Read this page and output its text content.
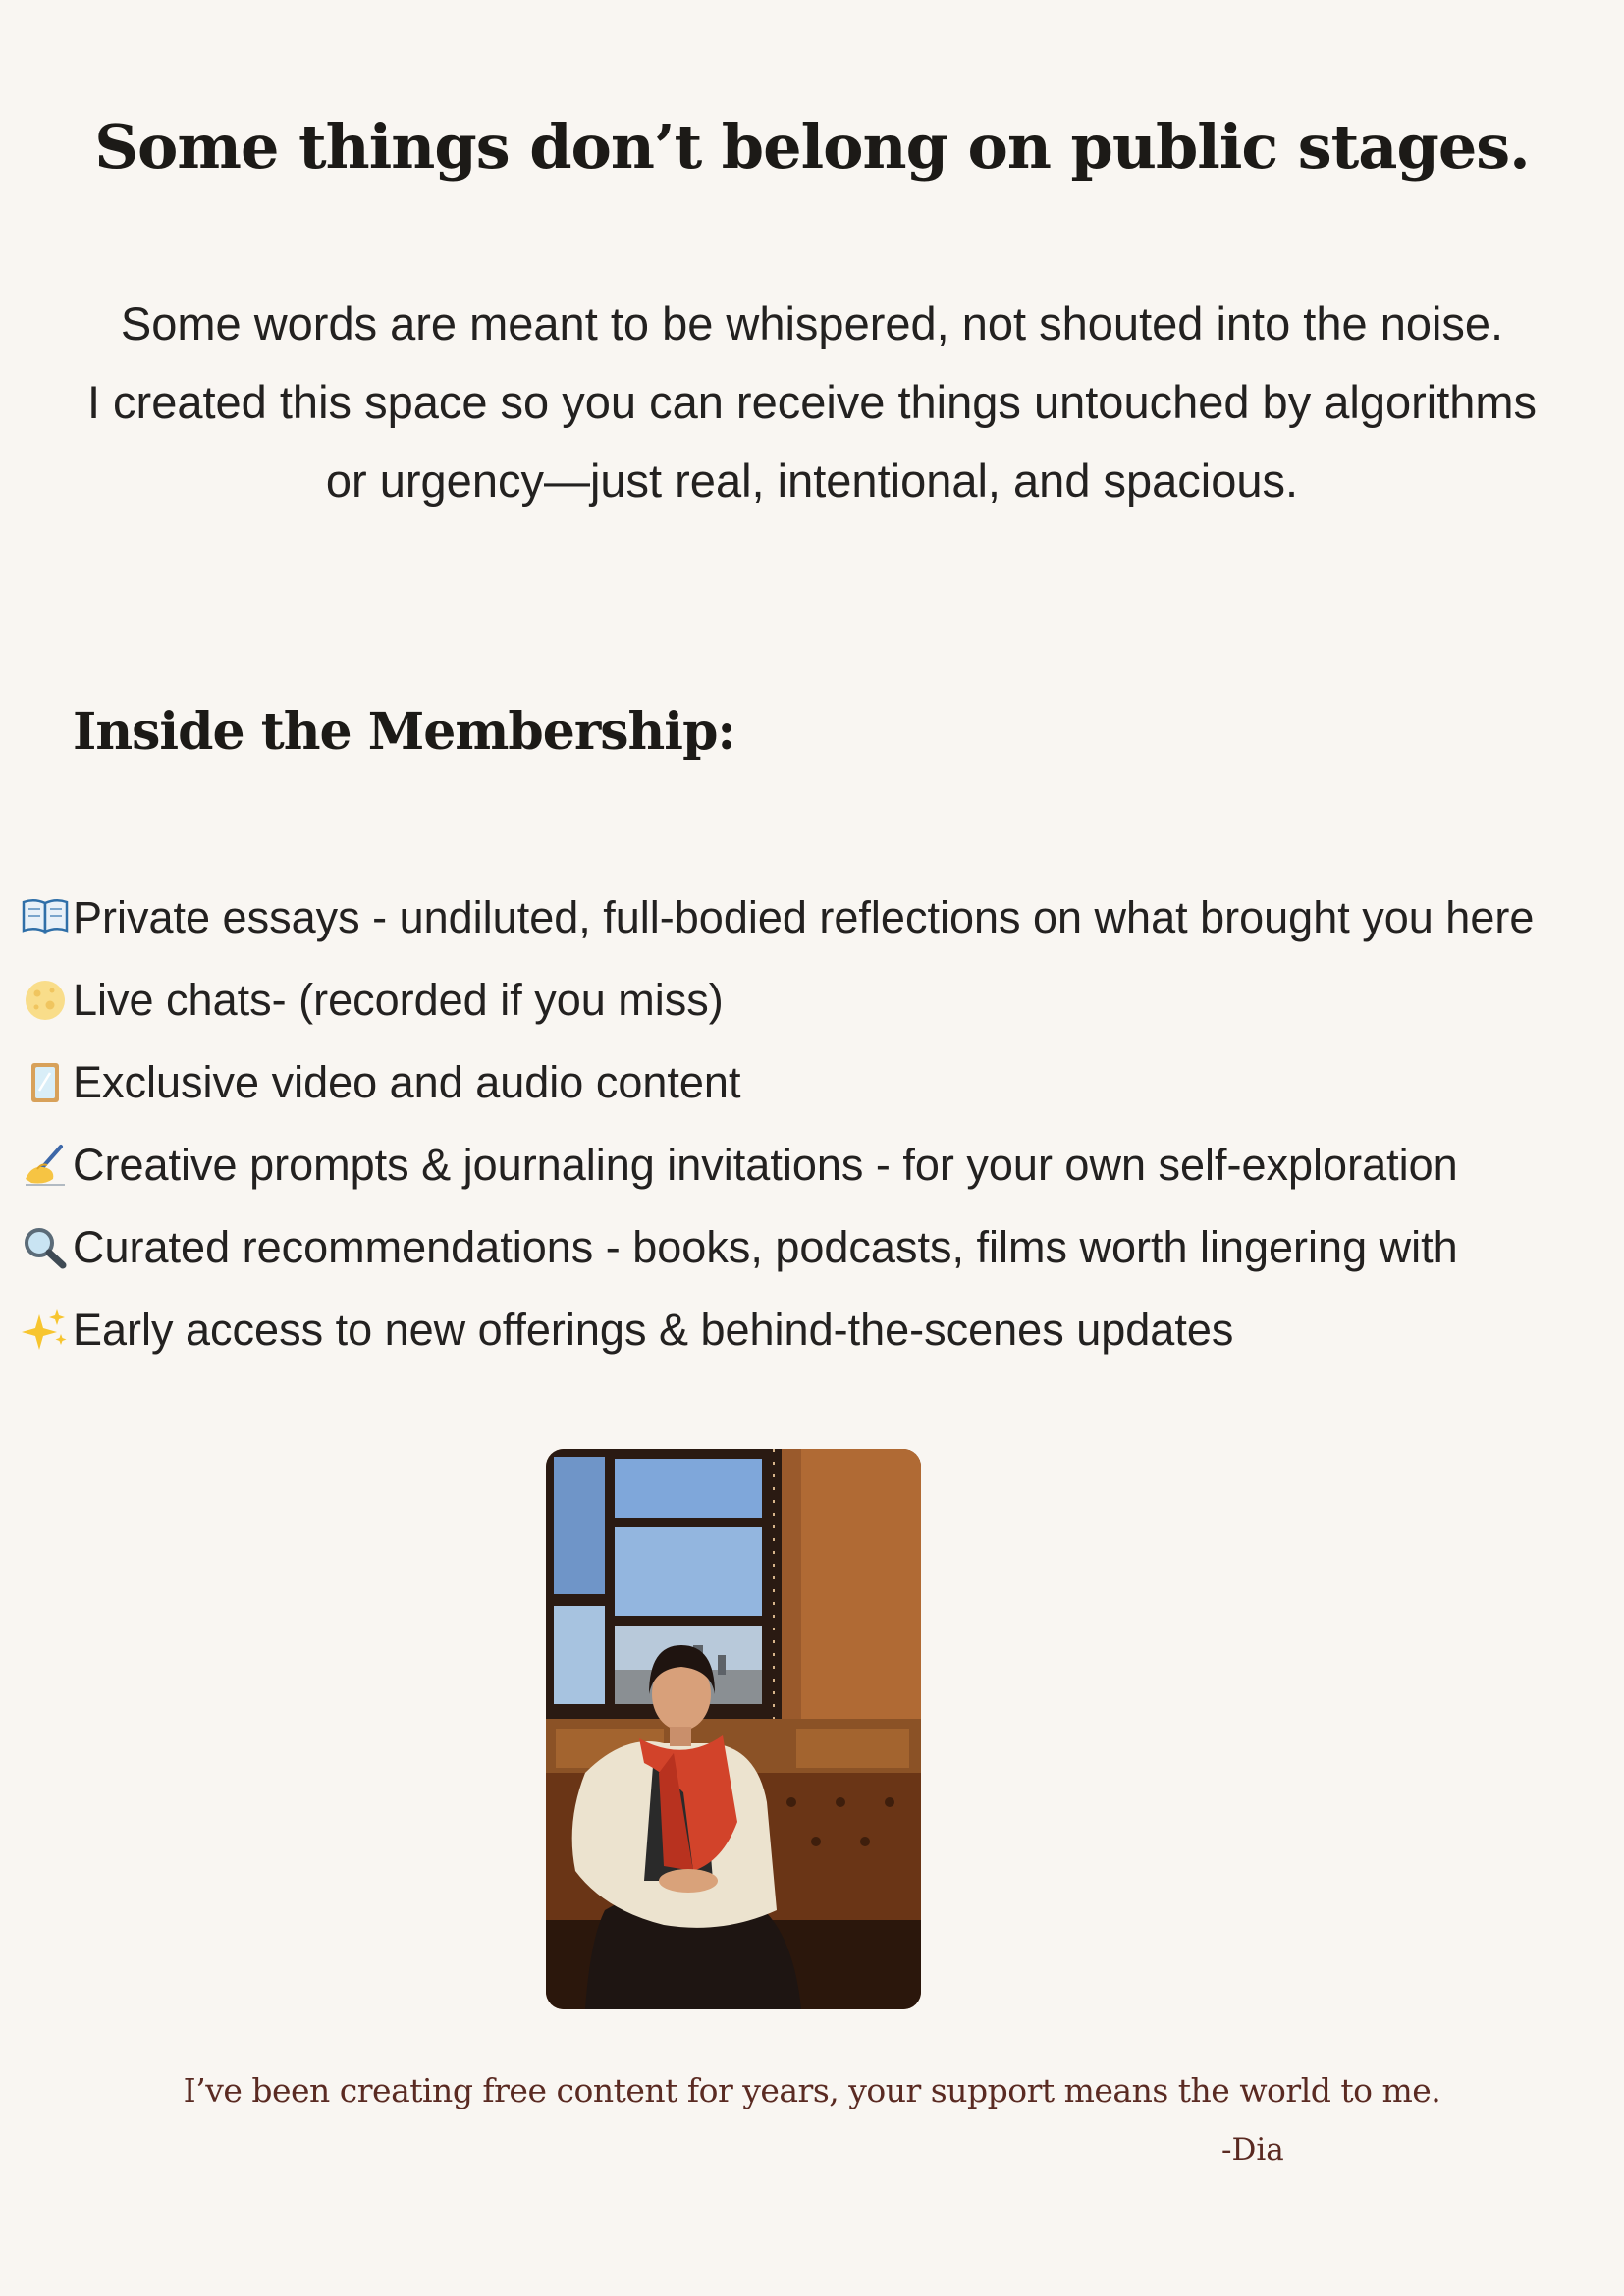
Some things don’t belong on public stages.
Some words are meant to be whispered, not shouted into the noise.
I created this space so you can receive things untouched by algorithms
or urgency—just real, intentional, and spacious.
Inside the Membership:
Private essays - undiluted, full-bodied reflections on what brought you here
Live chats- (recorded if you miss)
Exclusive video and audio content
Creative prompts & journaling invitations - for your own self-exploration
Curated recommendations - books, podcasts, films worth lingering with
Early access to new offerings & behind-the-scenes updates
I’ve been creating free content for years, your support means the world to me.
-Dia
